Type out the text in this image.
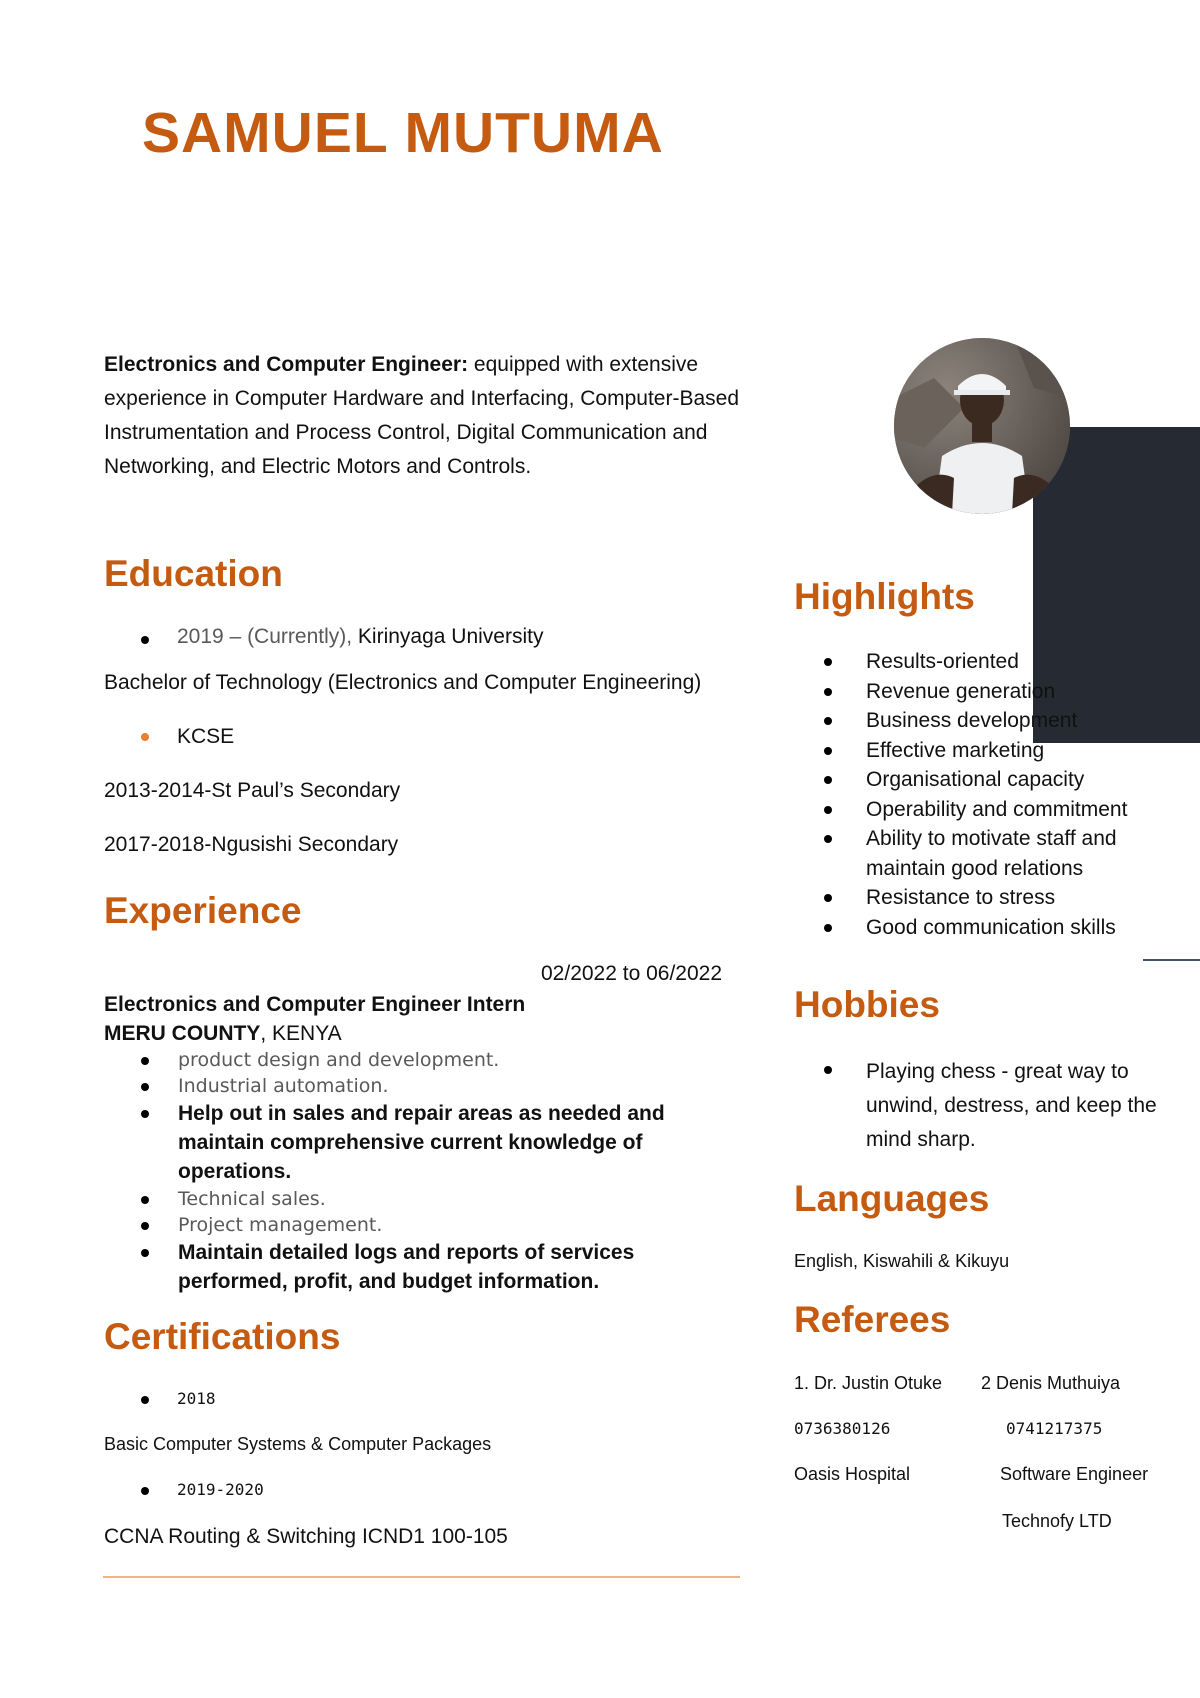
SAMUEL MUTUMA
Electronics and Computer Engineer: equipped with extensive experience in Computer Hardware and Interfacing, Computer-Based Instrumentation and Process Control, Digital Communication and Networking, and Electric Motors and Controls.
Education
2019 – (Currently), Kirinyaga University
Bachelor of Technology (Electronics and Computer Engineering)
KCSE
2013-2014-St Paul’s Secondary
2017-2018-Ngusishi Secondary
Experience
02/2022 to 06/2022
Electronics and Computer Engineer Intern
MERU COUNTY, KENYA
product design and development.
Industrial automation.
Help out in sales and repair areas as needed and maintain comprehensive current knowledge of operations.
Technical sales.
Project management.
Maintain detailed logs and reports of services performed, profit, and budget information.
Certifications
2018
Basic Computer Systems & Computer Packages
2019-2020
CCNA Routing & Switching ICND1 100-105
Highlights
Results-oriented
Revenue generation
Business development
Effective marketing
Organisational capacity
Operability and commitment
Ability to motivate staff and maintain good relations
Resistance to stress
Good communication skills
Hobbies
Playing chess - great way to unwind, destress, and keep the mind sharp.
Languages
English, Kiswahili & Kikuyu
Referees
1. Dr. Justin Otuke
0736380126
Oasis Hospital
2 Denis Muthuiya
0741217375
Software Engineer
Technofy LTD
